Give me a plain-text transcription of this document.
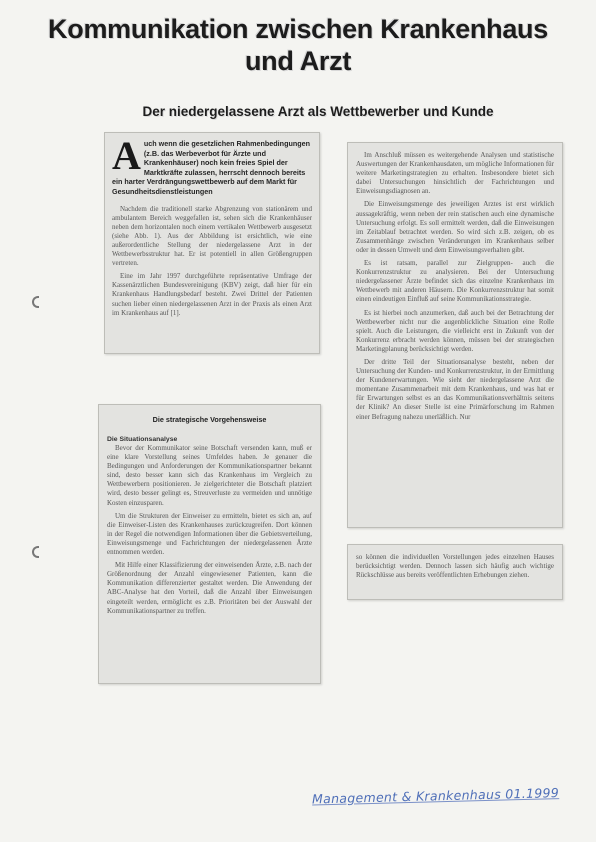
Kommunikation zwischen Krankenhaus
und Arzt
Der niedergelassene Arzt als Wettbewerber und Kunde
Auch wenn die gesetzlichen Rahmenbedingungen (z.B. das Werbeverbot für Ärzte und Krankenhäuser) noch kein freies Spiel der Marktkräfte zulassen, herrscht dennoch bereits ein harter Verdrängungswettbewerb auf dem Markt für Gesundheitsdienstleistungen

Nachdem die traditionell starke Abgrenzung von stationärem und ambulantem Bereich weggefallen ist, sehen sich die Krankenhäuser neben dem horizontalen noch einem vertikalen Wettbewerb ausgesetzt (siehe Abb. 1). Aus der Abbildung ist ersichtlich, wie eine außerordentliche Stellung der niedergelassene Arzt in der Wettbewerbsstruktur hat. Er ist potentiell in allen Größengruppen vertreten.

Eine im Jahr 1997 durchgeführte repräsentative Umfrage der Kassenärztlichen Bundesvereinigung (KBV) zeigt, daß hier für ein Krankenhaus Handlungsbedarf besteht. Zwei Drittel der Patienten suchen lieber einen niedergelassenen Arzt in der Praxis als einen Arzt im Krankenhaus auf [1].

Die strategische Vorgehensweise
Die Situationsanalyse

Bevor der Kommunikator seine Botschaft versenden kann, muß er eine klare Vorstellung seines Umfeldes haben. Je genauer die Bedingungen und Anforderungen der Kommunikationspartner bekannt sind, desto besser kann sich das Krankenhaus im Vergleich zu Wettbewerbern positionieren. Je zielgerichteter die Botschaft platziert wird, desto besser gelingt es, Streuverluste zu vermeiden und unnötige Kosten einzusparen.

Um die Strukturen der Einweiser zu ermitteln, bietet es sich an, auf die Einweiser-Listen des Krankenhauses zurückzugreifen. Dort können in der Regel die notwendigen Informationen über die Gebietsverteilung, Einweisungsmenge und Fachrichtungen der niedergelassenen Ärzte entnommen werden.

Mit Hilfe einer Klassifizierung der einweisenden Ärzte, z.B. nach der Größenordnung der Anzahl eingewiesener Patienten, kann die Kommunikation differenzierter gestaltet werden. Die Anwendung der ABC-Analyse hat den Vorteil, daß die Anzahl über Einweisungen eingeteilt werden, ermöglicht es z.B. Prioritäten bei der Auswahl der Kommunikationspartner zu treffen.

Im Anschluß müssen es weitergehende Analysen und statistische Auswertungen der Krankenhausdaten, um mögliche Informationen für weitere Marketingstrategien zu erhalten. Insbesondere bietet sich dabei Untersuchungen hinsichtlich der Fachrichtungen und Einweisungsdiagnosen an.

Die Einweisungsmenge des jeweiligen Arztes ist erst wirklich aussagekräftig, wenn neben der rein statischen auch eine dynamische Untersuchung erfolgt. Es soll ermittelt werden, daß die Einweisungen im Zeitablauf betrachtet werden. So wird sich z.B. zeigen, ob es Zusammenhänge zwischen Veränderungen im Krankenhaus selber oder in dessen Umwelt und dem Einweisungsverhalten gibt.

Es ist ratsam, parallel zur Zielgruppen- auch die Konkurrenzstruktur zu analysieren. Bei der Untersuchung niedergelassener Ärzte befindet sich das einzelne Krankenhaus im Wettbewerb mit anderen Häusern. Die Konkurrenzstruktur hat somit einen eindeutigen Einfluß auf seine Kommunikationsstrategie.

Es ist hierbei noch anzumerken, daß auch bei der Betrachtung der Wettbewerber nicht nur die augenblickliche Situation eine Rolle spielt. Auch die Leistungen, die vielleicht erst in Zukunft von der Konkurrenz erbracht werden können, müssen bei der strategischen Marketingplanung berücksichtigt werden.

Der dritte Teil der Situationsanalyse besteht, neben der Untersuchung der Kunden- und Konkurrenzstruktur, in der Ermittlung der Kundenerwartungen. Wie sieht der niedergelassene Arzt die momentane Zusammenarbeit mit dem Krankenhaus, und was hat er für Erwartungen selbst es an das Kommunikationsverhältnis seitens der Klinik? An dieser Stelle ist eine Primärforschung im Rahmen einer Befragung nahezu unerläßlich. Nur

so können die individuellen Vorstellungen jedes einzelnen Hauses berücksichtigt werden. Dennoch lassen sich häufig auch wichtige Rückschlüsse aus bereits veröffentlichten Erhebungen ziehen.

Management & Krankenhaus 01.1999
